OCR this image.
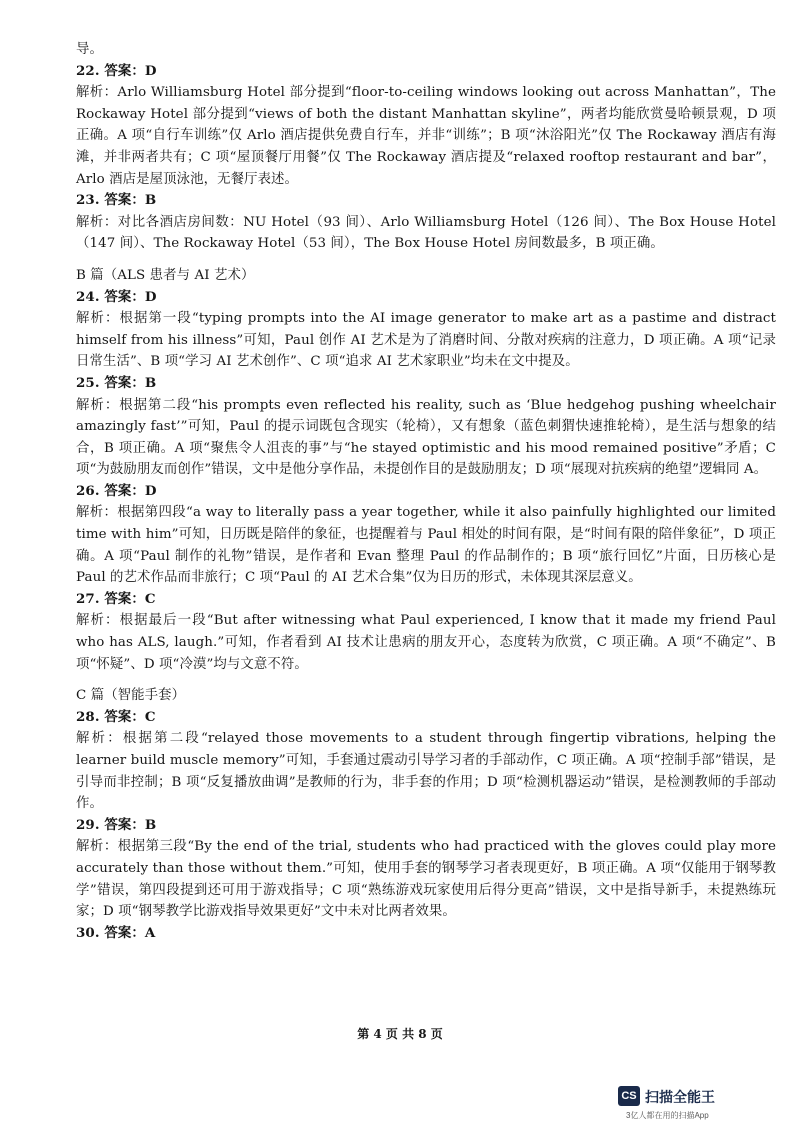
导。

22. 答案：D

解析：Arlo Williamsburg Hotel 部分提到“floor-to-ceiling windows looking out across Manhattan”，The Rockaway Hotel 部分提到“views of both the distant Manhattan skyline”，两者均能欣赏曼哈顿景观，D 项正确。A 项“自行车训练”仅 Arlo 酒店提供免费自行车，并非“训练”；B 项“沐浴阳光”仅 The Rockaway 酒店有海滩，并非两者共有；C 项“屋顶餐厅用餐”仅 The Rockaway 酒店提及“relaxed rooftop restaurant and bar”，Arlo 酒店是屋顶泳池，无餐厅表述。

23. 答案：B

解析：对比各酒店房间数：NU Hotel（93 间）、Arlo Williamsburg Hotel（126 间）、The Box House Hotel（147 间）、The Rockaway Hotel（53 间），The Box House Hotel 房间数最多，B 项正确。

B 篇（ALS 患者与 AI 艺术）

24. 答案：D

解析：根据第一段“typing prompts into the AI image generator to make art as a pastime and distract himself from his illness”可知，Paul 创作 AI 艺术是为了消磨时间、分散对疾病的注意力，D 项正确。A 项“记录日常生活”、B 项“学习 AI 艺术创作”、C 项“追求 AI 艺术家职业”均未在文中提及。

25. 答案：B

解析：根据第二段“his prompts even reflected his reality, such as ‘Blue hedgehog pushing wheelchair amazingly fast’”可知，Paul 的提示词既包含现实（轮椅），又有想象（蓝色刺猬快速推轮椅），是生活与想象的结合，B 项正确。A 项“聚焦令人沮丧的事”与“he stayed optimistic and his mood remained positive”矛盾；C 项“为鼓励朋友而创作”错误，文中是他分享作品，未提创作目的是鼓励朋友；D 项“展现对抗疾病的绝望”逻辑同 A。

26. 答案：D

解析：根据第四段“a way to literally pass a year together, while it also painfully highlighted our limited time with him”可知，日历既是陪伴的象征，也提醒着与 Paul 相处的时间有限，是“时间有限的陪伴象征”，D 项正确。A 项“Paul 制作的礼物”错误，是作者和 Evan 整理 Paul 的作品制作的；B 项“旅行回忆”片面，日历核心是 Paul 的艺术作品而非旅行；C 项“Paul 的 AI 艺术合集”仅为日历的形式，未体现其深层意义。

27. 答案：C

解析：根据最后一段“But after witnessing what Paul experienced, I know that it made my friend Paul who has ALS, laugh.”可知，作者看到 AI 技术让患病的朋友开心，态度转为欣赏，C 项正确。A 项“不确定”、B 项“怀疑”、D 项“冷漠”均与文意不符。

C 篇（智能手套）

28. 答案：C

解析：根据第二段“relayed those movements to a student through fingertip vibrations, helping the learner build muscle memory”可知，手套通过震动引导学习者的手部动作，C 项正确。A 项“控制手部”错误，是引导而非控制；B 项“反复播放曲调”是教师的行为，非手套的作用；D 项“检测机器运动”错误，是检测教师的手部动作。

29. 答案：B

解析：根据第三段“By the end of the trial, students who had practiced with the gloves could play more accurately than those without them.”可知，使用手套的钢琴学习者表现更好，B 项正确。A 项“仅能用于钢琴教学”错误，第四段提到还可用于游戏指导；C 项“熟练游戏玩家使用后得分更高”错误，文中是指导新手，未提熟练玩家；D 项“钢琴教学比游戏指导效果更好”文中未对比两者效果。

30. 答案：A

第 4 页 共 8 页
CS 扫描全能王
3亿人都在用的扫描App
